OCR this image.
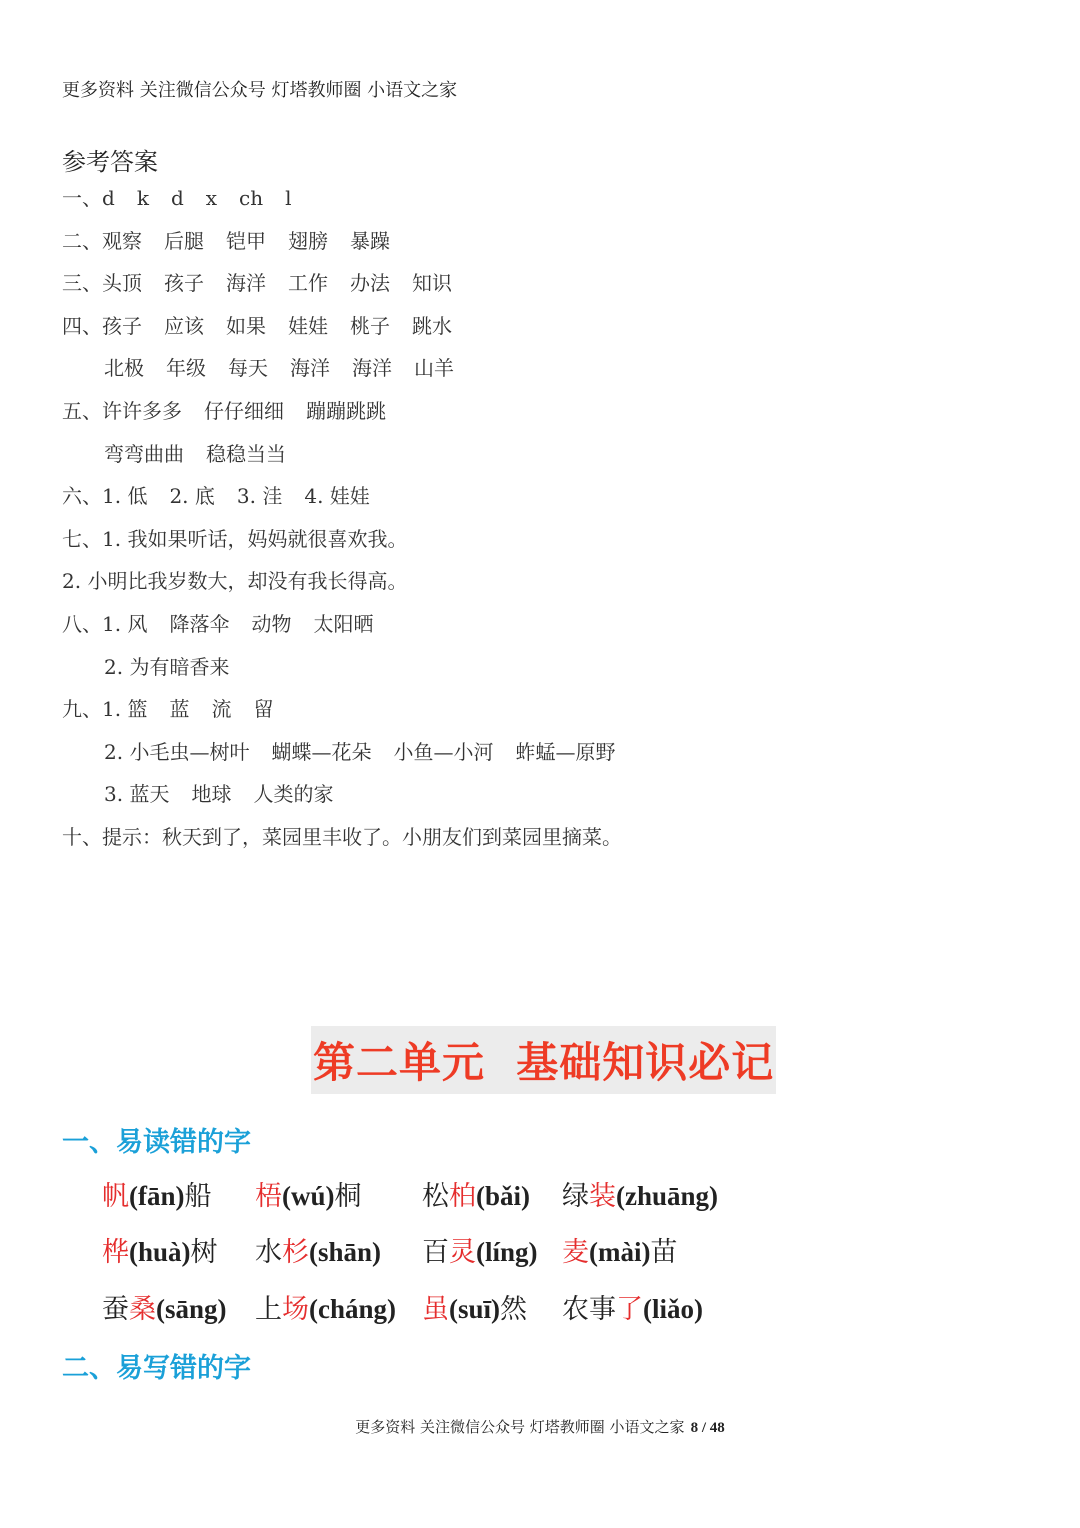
更多资料 关注微信公众号 灯塔教师圈 小语文之家
参考答案
一、d k d x ch l
二、观察 后腿 铠甲 翅膀 暴躁
三、头顶 孩子 海洋 工作 办法 知识
四、孩子 应该 如果 娃娃 桃子 跳水
北极 年级 每天 海洋 海洋 山羊
五、许许多多 仔仔细细 蹦蹦跳跳
弯弯曲曲 稳稳当当
六、1. 低 2. 底 3. 洼 4. 娃娃
七、1. 我如果听话，妈妈就很喜欢我。
2. 小明比我岁数大，却没有我长得高。
八、1. 风 降落伞 动物 太阳晒
2. 为有暗香来
九、1. 篮 蓝 流 留
2. 小毛虫—树叶 蝴蝶—花朵 小鱼—小河 蚱蜢—原野
3. 蓝天 地球 人类的家
十、提示：秋天到了，菜园里丰收了。小朋友们到菜园里摘菜。
第二单元  基础知识必记
一、易读错的字
帆(fān)船 梧(wú)桐 松柏(bǎi) 绿装(zhuāng)
桦(huà)树 水杉(shān) 百灵(líng) 麦(mài)苗
蚕桑(sāng) 上场(cháng) 虽(suī)然 农事了(liǎo)
二、易写错的字
更多资料 关注微信公众号 灯塔教师圈 小语文之家 8 / 48
